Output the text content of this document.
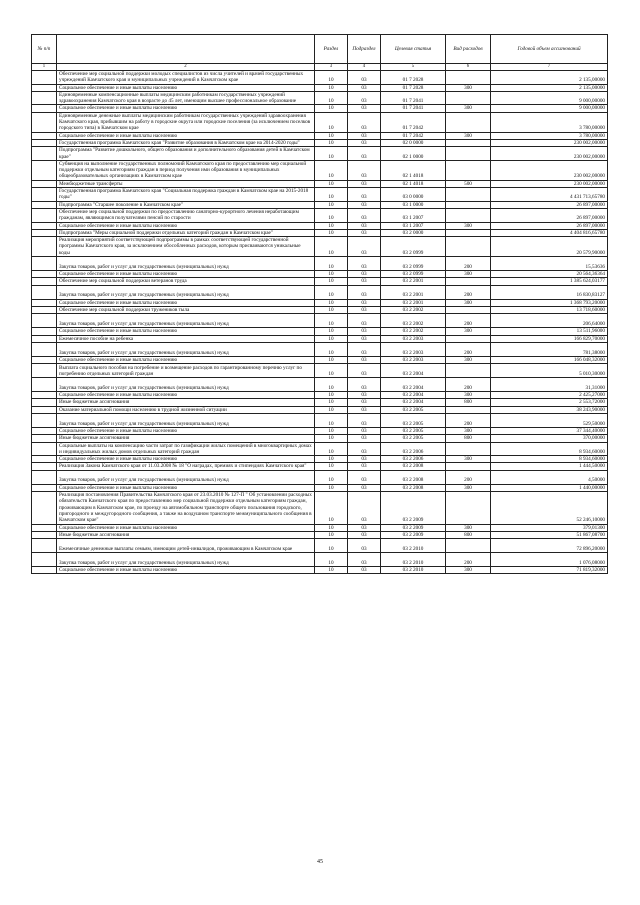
№ п/п		Раздел	Подраздел	Целевая статья	Вид расходов	Годовой объем ассигнований
1	2	3	4	5	6	7
	Обеспечение мер социальной поддержки молодых специалистов из числа учителей и врачей государственных учреждений Камчатского края и муниципальных учреждений в Камчатском крае	10	03	01 7 2028		2 135,00000
	Социальное обеспечение и иные выплаты населению	10	03	01 7 2028	300	2 135,00000
	Единовременные компенсационные выплаты медицинским работникам государственных учреждений здравоохранения Камчатского края в возрасте до 45 лет, имеющим высшее профессиональное образование	10	03	01 7 2041		9 000,00000
	Социальное обеспечение и иные выплаты населению	10	03	01 7 2041	300	9 000,00000
	Единовременные денежные выплаты медицинским работникам государственных учреждений здравоохранения Камчатского края, прибывшим на работу в городские округа или городские поселения (за исключением поселков городского типа) в Камчатском крае	10	03	01 7 2042		3 780,00000
	Социальное обеспечение и иные выплаты населению	10	03	01 7 2042	300	3 780,00000
	Государственная программа Камчатского края "Развитие образования в Камчатском крае на 2014-2020 годы"	10	03	02 0 0000		230 002,00000
	Подпрограмма "Развитие дошкольного, общего образования и дополнительного образования детей в Камчатском крае"	10	03	02 1 0000		230 002,00000
	Субвенция на выполнение государственных полномочий Камчатского края по предоставлению мер социальной поддержки отдельным категориям граждан в период получения ими образования в муниципальных общеобразовательных организациях в Камчатском крае	10	03	02 1 4018		230 002,00000
	Межбюджетные трансферты	10	03	02 1 4018	500	230 002,00000
	Государственная программа Камчатского края "Социальная поддержка граждан в Камчатском крае на 2015-2018 годы"	10	03	03 0 0000		4 431 713,65780
	Подпрограмма "Старшее поколение в Камчатском крае"	10	03	03 1 0000		26 897,00000
	Обеспечение мер социальной поддержки по предоставлению санаторно-курортного лечения неработающим гражданам, являющимся получателями пенсий по старости	10	03	03 1 2007		26 897,00000
	Социальное обеспечение и иные выплаты населению	10	03	03 1 2007	300	26 897,00000
	Подпрограмма "Меры социальной поддержки отдельных категорий граждан в Камчатском крае"	10	03	03 2 0000		4 404 816,65780
	Реализация мероприятий соответствующей подпрограммы в рамках соответствующей государственной программы Камчатского края, за исключением обособленных расходов, которым присваиваются уникальные коды	10	03	03 2 0999		20 579,90000
	Закупка товаров, работ и услуг для государственных (муниципальных) нужд	10	03	03 2 0999	200	15,53636
	Социальное обеспечение и иные выплаты населению	10	03	03 2 0999	300	20 564,36364
	Обеспечение мер социальной поддержки ветеранов труда	10	03	03 2 2001		1 385 624,03177
	Закупка товаров, работ и услуг для государственных (муниципальных) нужд	10	03	03 2 2001	200	16 830,83127
	Социальное обеспечение и иные выплаты населению	10	03	03 2 2001	300	1 368 793,20000
	Обеспечение мер социальной поддержки тружеников тыла	10	03	03 2 2002		13 718,60000
	Закупка товаров, работ и услуг для государственных (муниципальных) нужд	10	03	03 2 2002	200	206,64000
	Социальное обеспечение и иные выплаты населению	10	03	03 2 2002	300	13 511,96000
	Ежемесячное пособие на ребенка	10	03	03 2 2003		166 829,70000
	Закупка товаров, работ и услуг для государственных (муниципальных) нужд	10	03	03 2 2003	200	781,38000
	Социальное обеспечение и иные выплаты населению	10	03	03 2 2003	300	166 048,32000
	Выплата социального пособия на погребение и возмещение расходов по гарантированному перечню услуг по погребению отдельных категорий граждан	10	03	03 2 2004		5 010,30000
	Закупка товаров, работ и услуг для государственных (муниципальных) нужд	10	03	03 2 2004	200	31,31000
	Социальное обеспечение и иные выплаты населению	10	03	03 2 2004	300	2 425,27000
	Иные бюджетные ассигнования	10	03	03 2 2004	800	2 553,72000
	Оказание материальной помощи населению в трудной жизненной ситуации	10	03	03 2 2005		38 243,90000
	Закупка товаров, работ и услуг для государственных (муниципальных) нужд	10	03	03 2 2005	200	529,50000
	Социальное обеспечение и иные выплаты населению	10	03	03 2 2005	300	37 344,40000
	Иные бюджетные ассигнования	10	03	03 2 2005	800	370,00000
	Социальные выплаты на компенсацию части затрат по газификации жилых помещений в многоквартирных домах и индивидуальных жилых домов отдельных категорий граждан	10	03	03 2 2006		8 934,60000
	Социальное обеспечение и иные выплаты населению	10	03	03 2 2006	300	8 934,60000
	Реализация Закона Камчатского края от 11.03.2008 № 18 "О наградах, премиях и стипендиях Камчатского края"	10	03	03 2 2008		1 444,50000
	Закупка товаров, работ и услуг для государственных (муниципальных) нужд	10	03	03 2 2008	200	4,50000
	Социальное обеспечение и иные выплаты населению	10	03	03 2 2008	300	1 440,00000
	Реализация постановления Правительства Камчатского края от 23.03.2010 № 127-П " Об установлении расходных обязательств Камчатского края по предоставлению мер социальной поддержки отдельным категориям граждан, проживающим в Камчатском крае, по проезду на автомобильном транспорте общего пользования городского, пригородного и междугородного сообщения, а также на воздушном транспорте межмуниципального сообщения в Камчатском крае"	10	03	03 2 2009		52 246,10000
	Социальное обеспечение и иные выплаты населению	10	03	03 2 2009	300	379,01300
	Иные бюджетные ассигнования	10	03	03 2 2009	800	51 867,08700
	Ежемесячные денежные выплаты семьям, имеющим детей-инвалидов, проживающим в Камчатском крае	10	03	03 2 2010		72 896,20000
	Закупка товаров, работ и услуг для государственных (муниципальных) нужд	10	03	03 2 2010	200	1 076,08000
	Социальное обеспечение и иные выплаты населению	10	03	03 2 2010	300	71 819,32000
45
